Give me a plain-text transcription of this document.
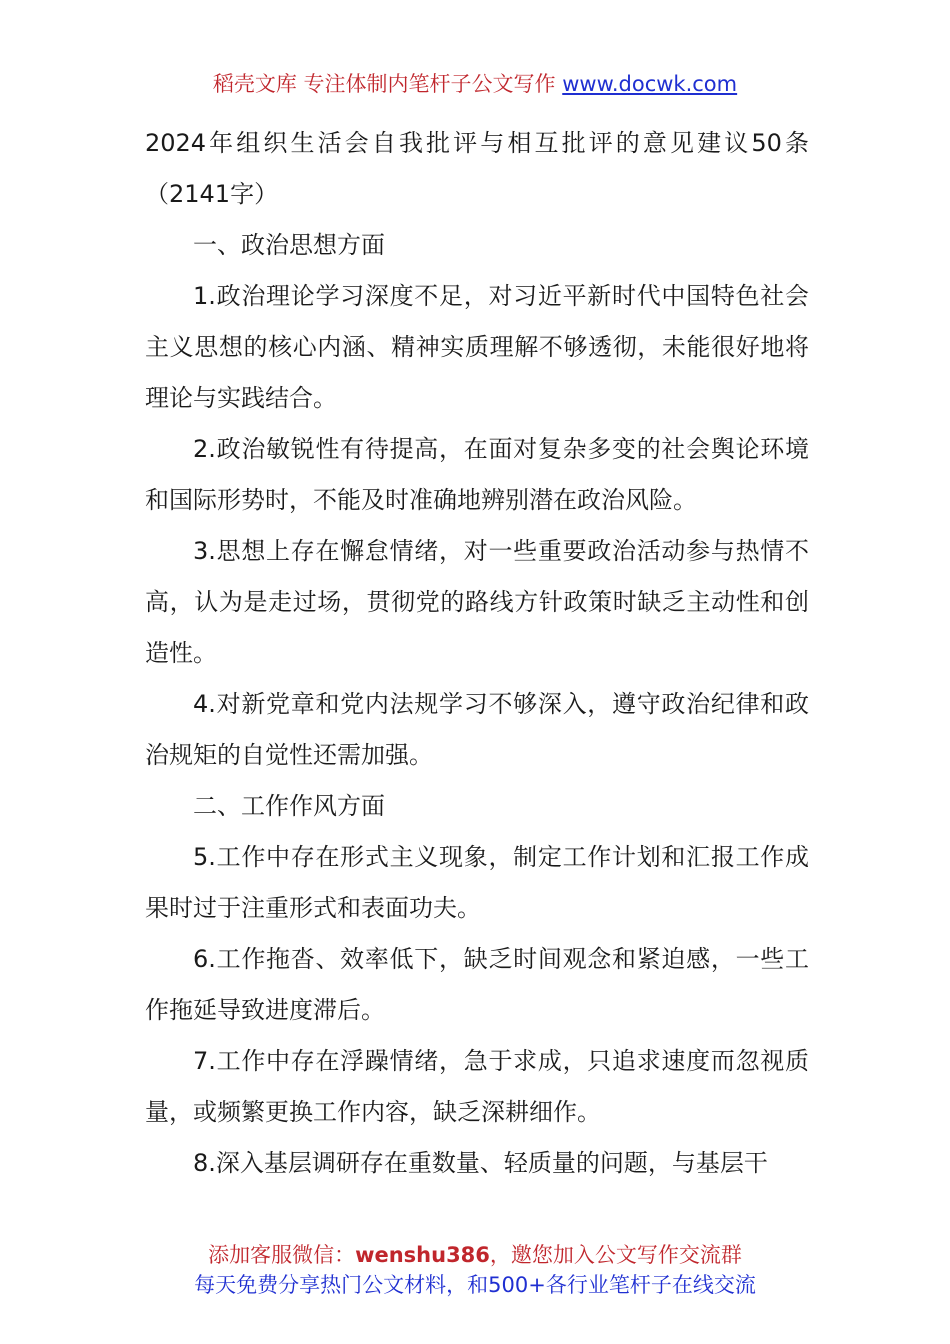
稻壳文库 专注体制内笔杆子公文写作 www.docwk.com

2024年组织生活会自我批评与相互批评的意见建议50条（2141字）

一、政治思想方面

1.政治理论学习深度不足，对习近平新时代中国特色社会主义思想的核心内涵、精神实质理解不够透彻，未能很好地将理论与实践结合。

2.政治敏锐性有待提高，在面对复杂多变的社会舆论环境和国际形势时，不能及时准确地辨别潜在政治风险。

3.思想上存在懈怠情绪，对一些重要政治活动参与热情不高，认为是走过场，贯彻党的路线方针政策时缺乏主动性和创造性。

4.对新党章和党内法规学习不够深入，遵守政治纪律和政治规矩的自觉性还需加强。

二、工作作风方面

5.工作中存在形式主义现象，制定工作计划和汇报工作成果时过于注重形式和表面功夫。

6.工作拖沓、效率低下，缺乏时间观念和紧迫感，一些工作拖延导致进度滞后。

7.工作中存在浮躁情绪，急于求成，只追求速度而忽视质量，或频繁更换工作内容，缺乏深耕细作。

8.深入基层调研存在重数量、轻质量的问题，与基层干

添加客服微信：wenshu386，邀您加入公文写作交流群
每天免费分享热门公文材料，和500+各行业笔杆子在线交流
